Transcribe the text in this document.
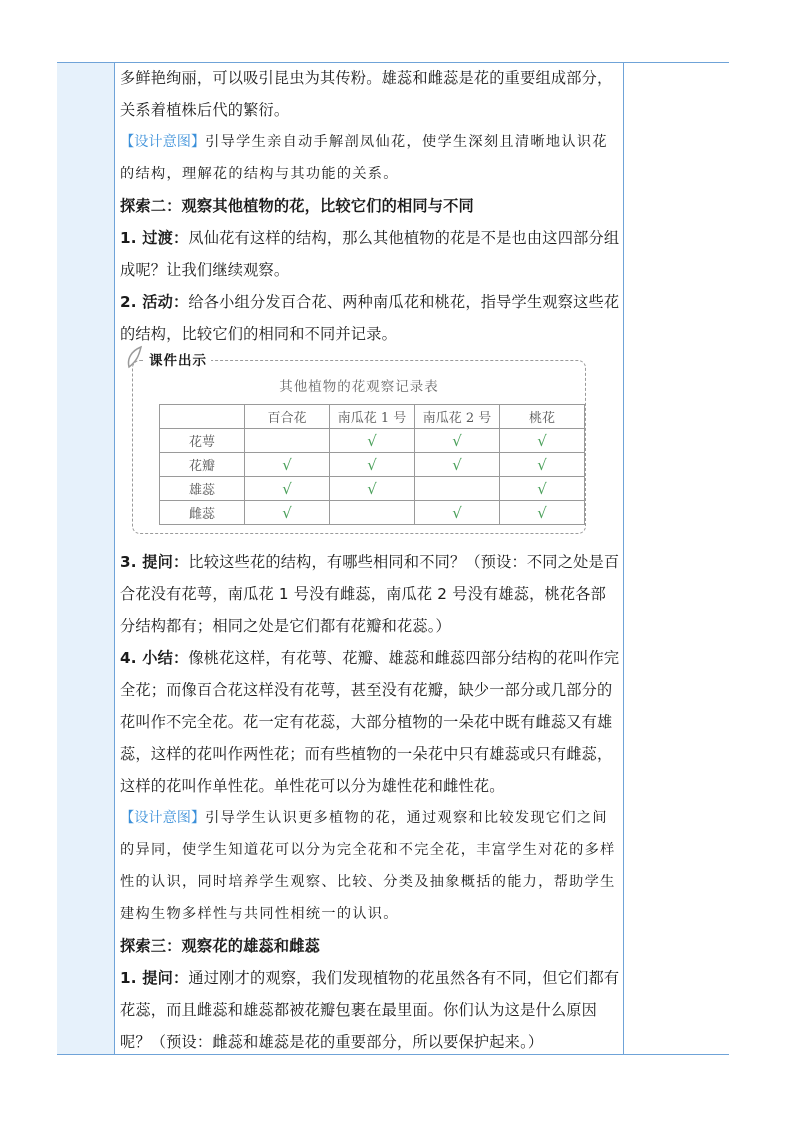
多鲜艳绚丽，可以吸引昆虫为其传粉。雄蕊和雌蕊是花的重要组成部分，关系着植株后代的繁衍。

【设计意图】引导学生亲自动手解剖凤仙花，使学生深刻且清晰地认识花的结构，理解花的结构与其功能的关系。

探索二：观察其他植物的花，比较它们的相同与不同

1. 过渡：凤仙花有这样的结构，那么其他植物的花是不是也由这四部分组成呢？让我们继续观察。

2. 活动：给各小组分发百合花、两种南瓜花和桃花，指导学生观察这些花的结构，比较它们的相同和不同并记录。

课件出示
其他植物的花观察记录表
	百合花	南瓜花 1 号	南瓜花 2 号	桃花
花萼		√	√	√
花瓣	√	√	√	√
雄蕊	√	√		√
雌蕊	√		√	√

3. 提问：比较这些花的结构，有哪些相同和不同？（预设：不同之处是百合花没有花萼，南瓜花 1 号没有雌蕊，南瓜花 2 号没有雄蕊，桃花各部分结构都有；相同之处是它们都有花瓣和花蕊。）

4. 小结：像桃花这样，有花萼、花瓣、雄蕊和雌蕊四部分结构的花叫作完全花；而像百合花这样没有花萼，甚至没有花瓣，缺少一部分或几部分的花叫作不完全花。花一定有花蕊，大部分植物的一朵花中既有雌蕊又有雄蕊，这样的花叫作两性花；而有些植物的一朵花中只有雄蕊或只有雌蕊，这样的花叫作单性花。单性花可以分为雄性花和雌性花。

【设计意图】引导学生认识更多植物的花，通过观察和比较发现它们之间的异同，使学生知道花可以分为完全花和不完全花，丰富学生对花的多样性的认识，同时培养学生观察、比较、分类及抽象概括的能力，帮助学生建构生物多样性与共同性相统一的认识。

探索三：观察花的雄蕊和雌蕊

1. 提问：通过刚才的观察，我们发现植物的花虽然各有不同，但它们都有花蕊，而且雌蕊和雄蕊都被花瓣包裹在最里面。你们认为这是什么原因呢？（预设：雌蕊和雄蕊是花的重要部分，所以要保护起来。）
